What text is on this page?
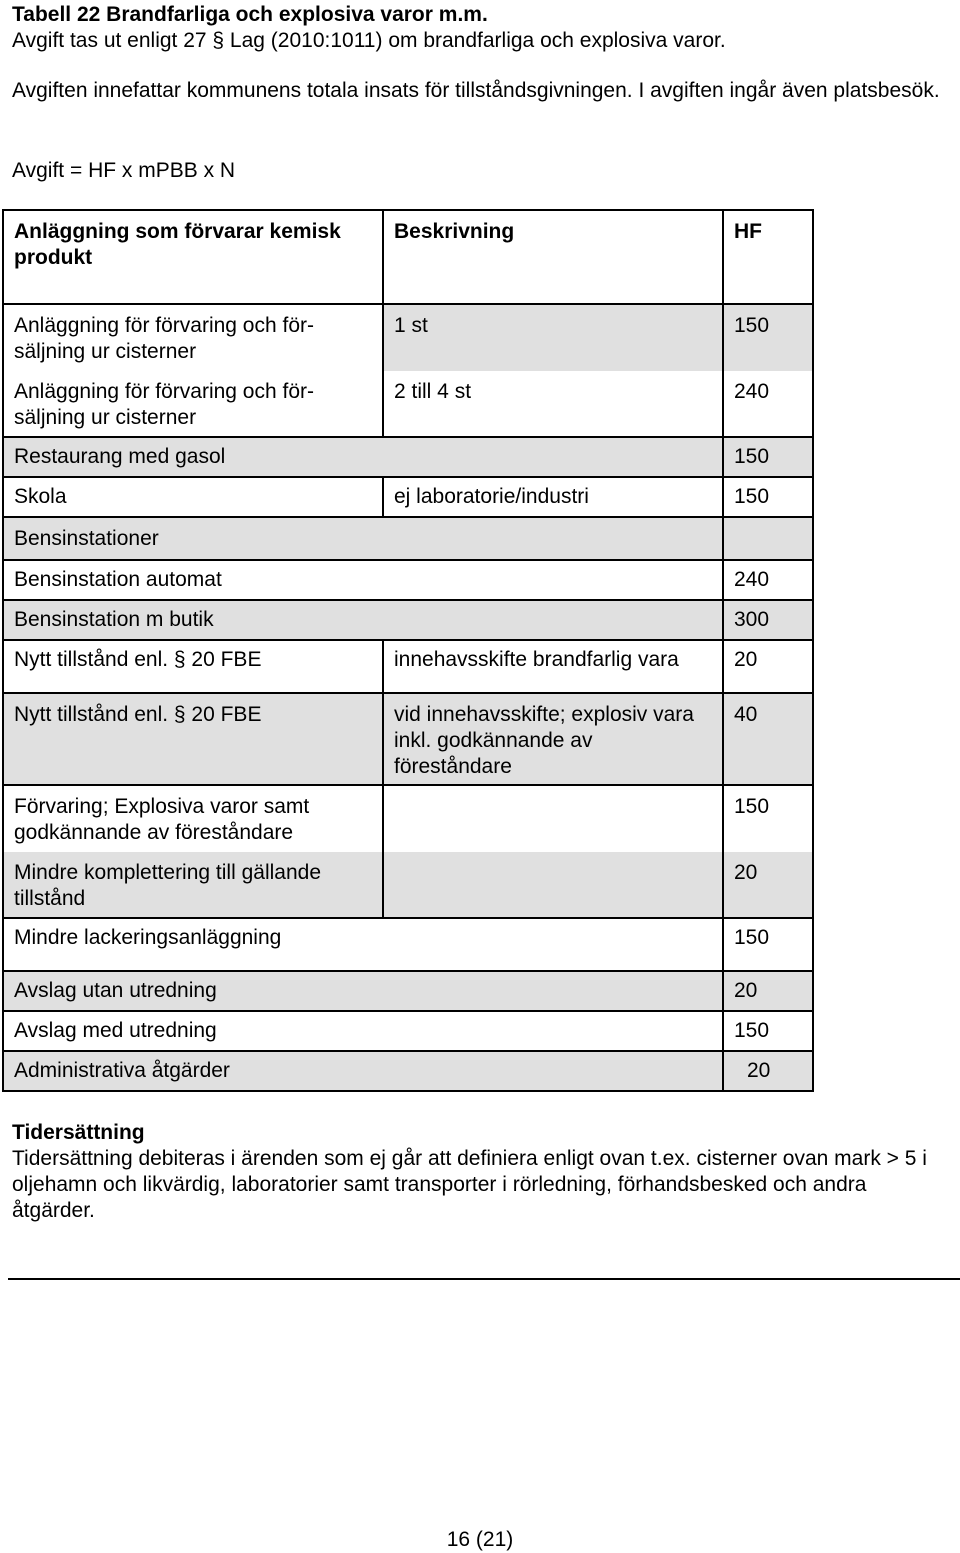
Tabell 22 Brandfarliga och explosiva varor m.m.

Avgift tas ut enligt 27 § Lag (2010:1011) om brandfarliga och explosiva varor.

Avgiften innefattar kommunens totala insats för tillståndsgivningen. I avgiften ingår även platsbesök.

Avgift = HF x mPBB x N

Anläggning som förvarar kemisk produkt	Beskrivning	HF
Anläggning för förvaring och för-säljning ur cisterner	1 st	150
Anläggning för förvaring och för-säljning ur cisterner	2 till 4 st	240
Restaurang med gasol		150
Skola	ej laboratorie/industri	150
Bensinstationer		
Bensinstation automat		240
Bensinstation m butik		300
Nytt tillstånd enl. § 20 FBE	innehavsskifte brandfarlig vara	20
Nytt tillstånd enl. § 20 FBE	vid innehavsskifte; explosiv vara inkl. godkännande av föreståndare	40
Förvaring; Explosiva varor samt godkännande av föreståndare		150
Mindre komplettering till gällande tillstånd		20
Mindre lackeringsanläggning		150
Avslag utan utredning		20
Avslag med utredning		150
Administrativa åtgärder		20
Tidersättning

Tidersättning debiteras i ärenden som ej går att definiera enligt ovan t.ex. cisterner ovan mark > 5 i oljehamn och likvärdig, laboratorier samt transporter i rörledning, förhandsbesked och andra åtgärder.

16 (21)
